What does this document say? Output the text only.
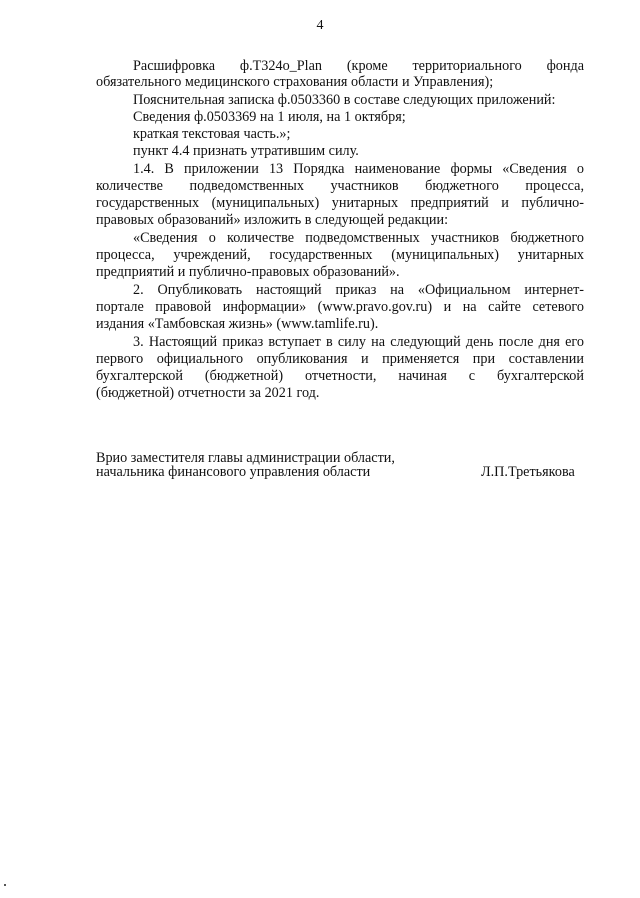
4
Расшифровка ф.Т324о_Plan (кроме территориального фонда
обязательного медицинского страхования области и Управления);
Пояснительная записка ф.0503360 в составе следующих приложений:
Сведения ф.0503369 на 1 июля, на 1 октября;
краткая текстовая часть.»;
пункт 4.4 признать утратившим силу.
1.4. В приложении 13 Порядка наименование формы «Сведения о
количестве подведомственных участников бюджетного процесса,
государственных (муниципальных) унитарных предприятий и публично-
правовых образований» изложить в следующей редакции:
«Сведения о количестве подведомственных участников бюджетного
процесса, учреждений, государственных (муниципальных) унитарных
предприятий и публично-правовых образований».
2. Опубликовать настоящий приказ на «Официальном интернет-
портале правовой информации» (www.pravo.gov.ru) и на сайте сетевого
издания «Тамбовская жизнь» (www.tamlife.ru).
3. Настоящий приказ вступает в силу на следующий день после дня его
первого официального опубликования и применяется при составлении
бухгалтерской (бюджетной) отчетности, начиная с бухгалтерской
(бюджетной) отчетности за 2021 год.
Врио заместителя главы администрации области,
начальника финансового управления области	Л.П.Третьякова
